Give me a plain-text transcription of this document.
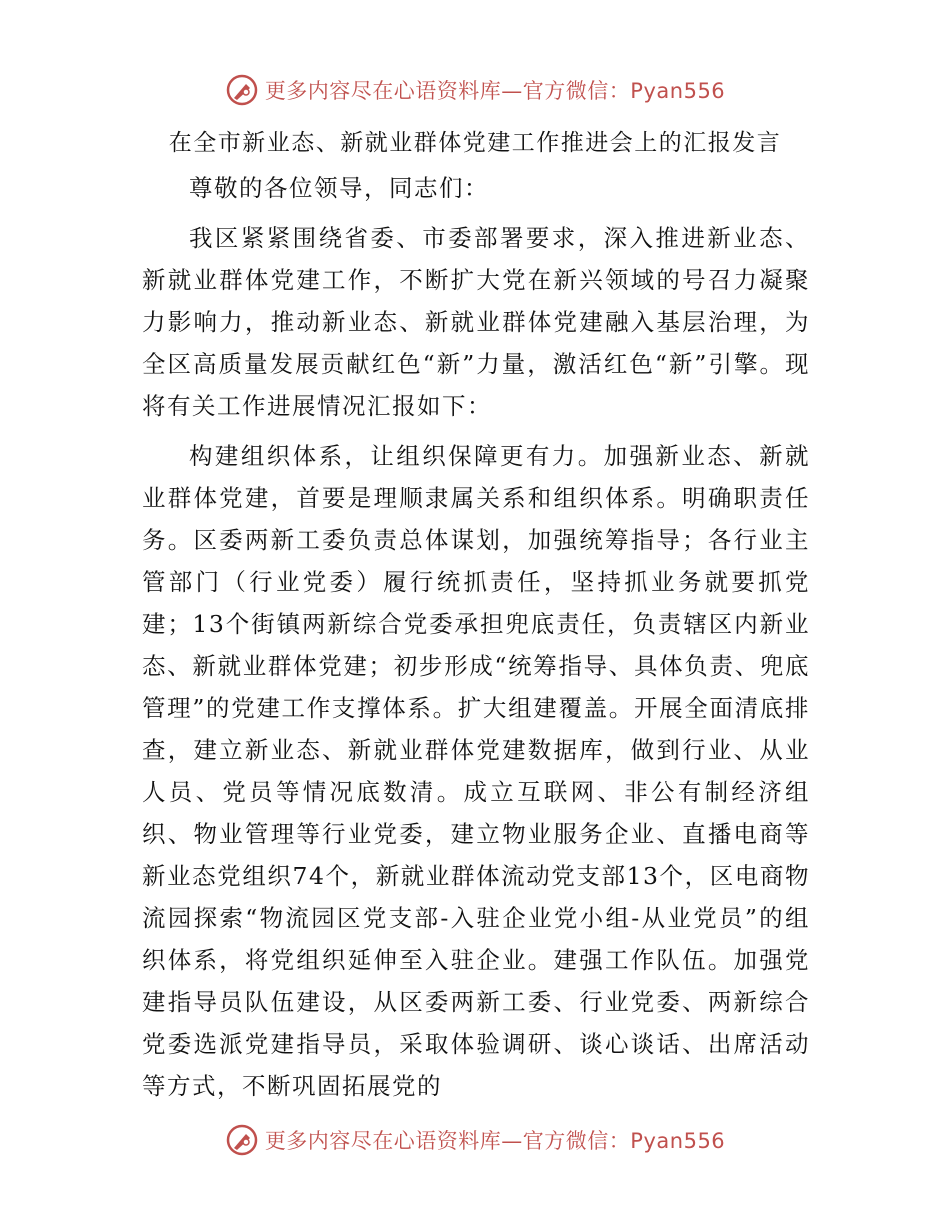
更多内容尽在心语资料库—官方微信：Pyan556
在全市新业态、新就业群体党建工作推进会上的汇报发言

尊敬的各位领导，同志们：

我区紧紧围绕省委、市委部署要求，深入推进新业态、新就业群体党建工作，不断扩大党在新兴领域的号召力凝聚力影响力，推动新业态、新就业群体党建融入基层治理，为全区高质量发展贡献红色“新”力量，激活红色“新”引擎。现将有关工作进展情况汇报如下：

构建组织体系，让组织保障更有力。加强新业态、新就业群体党建，首要是理顺隶属关系和组织体系。明确职责任务。区委两新工委负责总体谋划，加强统筹指导；各行业主管部门（行业党委）履行统抓责任，坚持抓业务就要抓党建；13个街镇两新综合党委承担兜底责任，负责辖区内新业态、新就业群体党建；初步形成“统筹指导、具体负责、兜底管理”的党建工作支撑体系。扩大组建覆盖。开展全面清底排查，建立新业态、新就业群体党建数据库，做到行业、从业人员、党员等情况底数清。成立互联网、非公有制经济组织、物业管理等行业党委，建立物业服务企业、直播电商等新业态党组织74个，新就业群体流动党支部13个，区电商物流园探索“物流园区党支部-入驻企业党小组-从业党员”的组织体系，将党组织延伸至入驻企业。建强工作队伍。加强党建指导员队伍建设，从区委两新工委、行业党委、两新综合党委选派党建指导员，采取体验调研、谈心谈话、出席活动等方式，不断巩固拓展党的

更多内容尽在心语资料库—官方微信：Pyan556
